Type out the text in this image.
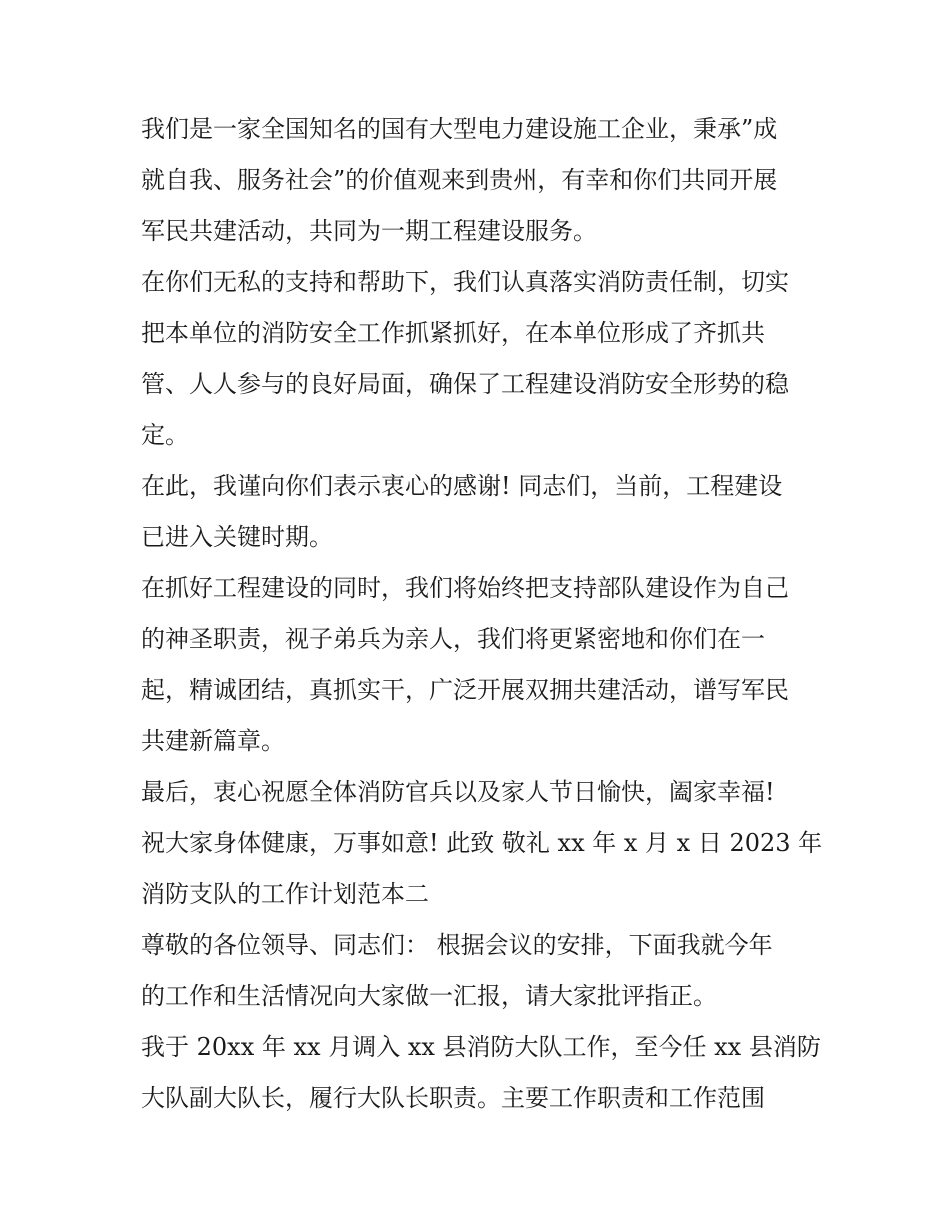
我们是一家全国知名的国有大型电力建设施工企业，秉承”成
就自我、服务社会”的价值观来到贵州，有幸和你们共同开展
军民共建活动，共同为一期工程建设服务。
在你们无私的支持和帮助下，我们认真落实消防责任制，切实
把本单位的消防安全工作抓紧抓好，在本单位形成了齐抓共
管、人人参与的良好局面，确保了工程建设消防安全形势的稳
定。
在此，我谨向你们表示衷心的感谢! 同志们，当前，工程建设
已进入关键时期。
在抓好工程建设的同时，我们将始终把支持部队建设作为自己
的神圣职责，视子弟兵为亲人，我们将更紧密地和你们在一
起，精诚团结，真抓实干，广泛开展双拥共建活动，谱写军民
共建新篇章。
最后，衷心祝愿全体消防官兵以及家人节日愉快，阖家幸福!
祝大家身体健康，万事如意! 此致 敬礼 xx 年 x 月 x 日 2023 年
消防支队的工作计划范本二
尊敬的各位领导、同志们： 根据会议的安排，下面我就今年
的工作和生活情况向大家做一汇报，请大家批评指正。
我于 20xx 年 xx 月调入 xx 县消防大队工作，至今任 xx 县消防
大队副大队长，履行大队长职责。主要工作职责和工作范围
